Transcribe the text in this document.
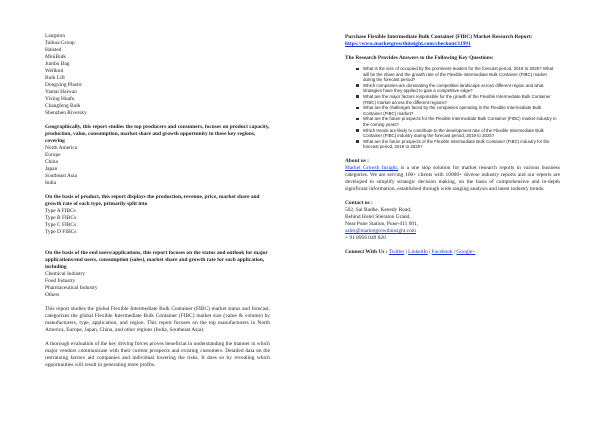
Langston
Taihua Group
Halsted
MiniBulk
Jumbo Bag
Wellknit
Bulk Lift
Dongxing Plastic
Yantai Haiwan
Yixing Huafu
Changfeng Bulk
Shenzhen Riversky
Geographically, this report studies the top producers and consumers, focuses on product capacity, production, value, consumption, market share and growth opportunity in these key regions, covering
North America
Europe
China
Japan
Southeast Asia
India
On the basis of product, this report displays the production, revenue, price, market share and growth rate of each type, primarily split into
Type A FIBCs
Type B FIBCs
Type C FIBCs
Type D FIBCs
On the basis of the end users/applications, this report focuses on the status and outlook for major applications/end users, consumption (sales), market share and growth rate for each application, including
Chemical Industry
Food Industry
Pharmaceutical Industry
Others

This report studies the global Flexible Intermediate Bulk Container (FIBC) market status and forecast, categorizes the global Flexible Intermediate Bulk Container (FIBC) market size (value & volume) by manufacturers, type, application, and region. This report focuses on the top manufacturers in North America, Europe, Japan, China, and other regions (India, Southeast Asia).

A thorough evaluation of the key driving forces proves beneficial in understanding the manner in which major vendors communicate with their current prospects and existing customers. Detailed data on the restraining factors aid companies and individual lowering the risks. It does so by revealing which opportunities will result in generating more profits.

Purchase Flexible Intermediate Bulk Container (FIBC) Market Research Report: https://www.marketgrowthinsight.com/checkout/11991
The Research Provides Answers to the Following Key Questions:
What is the size of occupied by the prominent leaders for the forecast period, 2019 to 2025? What will be the share and the growth rate of the Flexible Intermediate Bulk Container (FIBC) market during the forecast period?
Which companies are dominating the competitive landscape across different region and what strategies have they applied to gain a competitive edge?
What are the major factors responsible for the growth of the Flexible Intermediate Bulk Container (FIBC) market across the different regions?
What are the challenges faced by the companies operating in the Flexible Intermediate Bulk Container (FIBC) market?
What are the future prospects for the Flexible Intermediate Bulk Container (FIBC) market industry in the coming years?
Which trends are likely to contribute to the development rate of the Flexible Intermediate Bulk Container (FIBC) industry during the forecast period, 2019 to 2025?
What are the future prospects of the Flexible Intermediate Bulk Container (FIBC) industry for the forecast period, 2019 to 2025?
About us :

Market Growth Insight, is a one stop solution for market research reports in various business categories. We are serving 100+ clients with 10000+ diverse industry reports and our reports are developed to simplify strategic decision making, on the basis of comprehensive and in-depth significant information, established through wide ranging analysis and latest industry trends.

Contact us :
502, Sai Radhe, Kenedy Road,
Behind Hotel Sheraton Grand,
Near Pune Station, Pune-411 001,
sales@marketgrowthinsight.com
+ 91 8956 049 020
Connect With Us : Twitter | LinkedIn | Facebook | Google+
